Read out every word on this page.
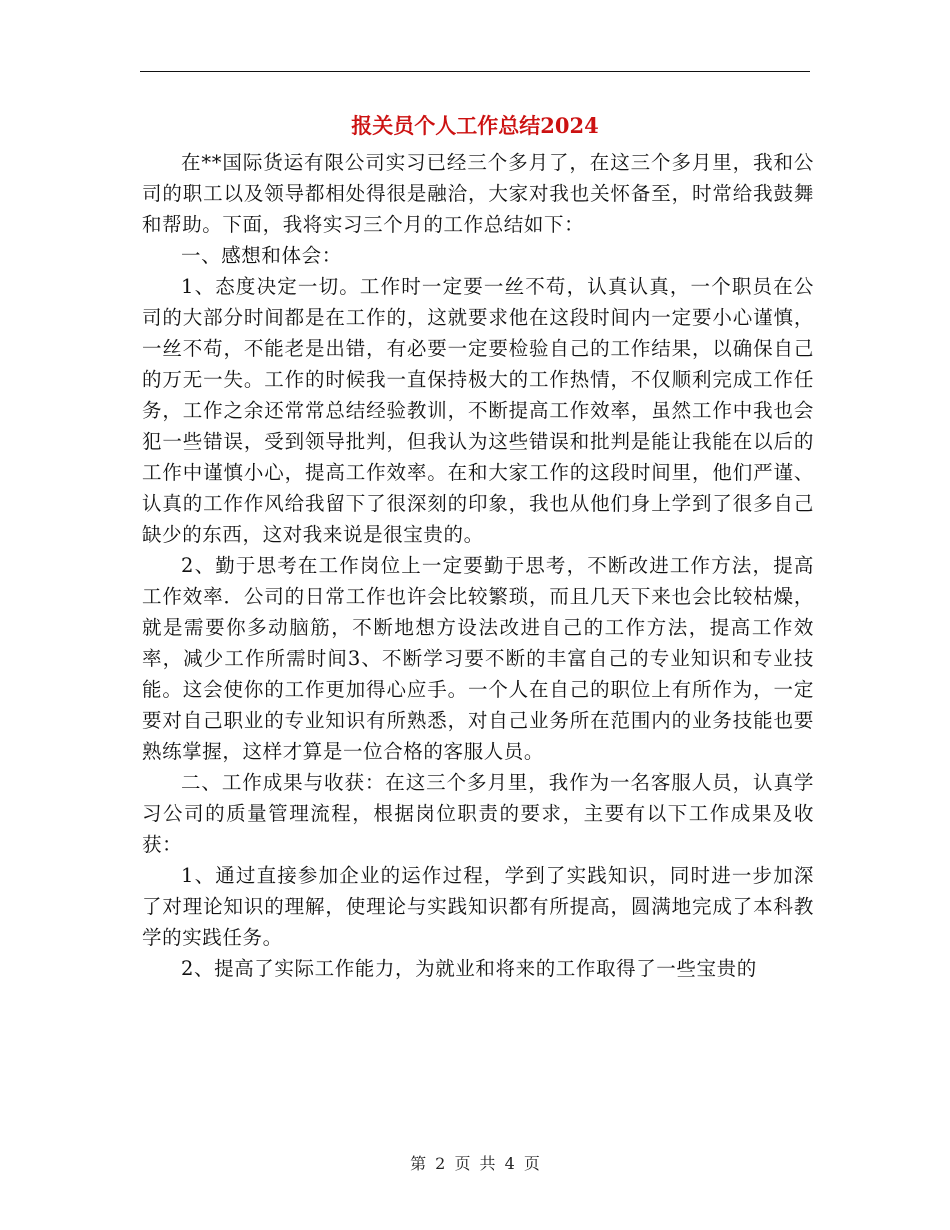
报关员个人工作总结2024

在**国际货运有限公司实习已经三个多月了，在这三个多月里，我和公司的职工以及领导都相处得很是融洽，大家对我也关怀备至，时常给我鼓舞和帮助。下面，我将实习三个月的工作总结如下：

一、感想和体会：

1、态度决定一切。工作时一定要一丝不苟，认真认真，一个职员在公司的大部分时间都是在工作的，这就要求他在这段时间内一定要小心谨慎，一丝不苟，不能老是出错，有必要一定要检验自己的工作结果，以确保自己的万无一失。工作的时候我一直保持极大的工作热情，不仅顺利完成工作任务，工作之余还常常总结经验教训，不断提高工作效率，虽然工作中我也会犯一些错误，受到领导批判，但我认为这些错误和批判是能让我能在以后的工作中谨慎小心，提高工作效率。在和大家工作的这段时间里，他们严谨、认真的工作作风给我留下了很深刻的印象，我也从他们身上学到了很多自己缺少的东西，这对我来说是很宝贵的。

2、勤于思考在工作岗位上一定要勤于思考，不断改进工作方法，提高工作效率．公司的日常工作也许会比较繁琐，而且几天下来也会比较枯燥，就是需要你多动脑筋，不断地想方设法改进自己的工作方法，提高工作效率，减少工作所需时间3、不断学习要不断的丰富自己的专业知识和专业技能。这会使你的工作更加得心应手。一个人在自己的职位上有所作为，一定要对自己职业的专业知识有所熟悉，对自己业务所在范围内的业务技能也要熟练掌握，这样才算是一位合格的客服人员。

二、工作成果与收获：在这三个多月里，我作为一名客服人员，认真学习公司的质量管理流程，根据岗位职责的要求，主要有以下工作成果及收获：

1、通过直接参加企业的运作过程，学到了实践知识，同时进一步加深了对理论知识的理解，使理论与实践知识都有所提高，圆满地完成了本科教学的实践任务。

2、提高了实际工作能力，为就业和将来的工作取得了一些宝贵的

第 2 页 共 4 页
